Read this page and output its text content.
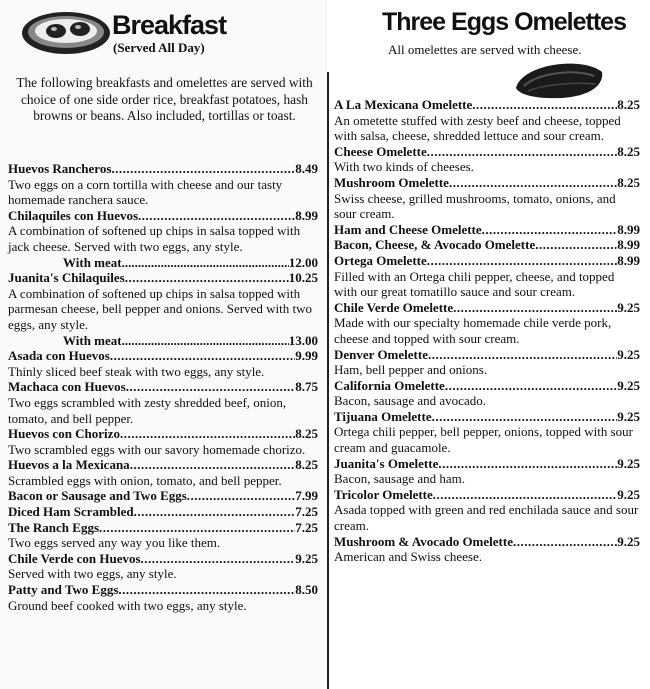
Breakfast
(Served All Day)
The following breakfasts and omelettes are served with choice of one side order rice, breakfast potatoes, hash browns or beans. Also included, tortillas or toast.
Huevos Rancheros .....	8.49
Two eggs on a corn tortilla with cheese and our tasty homemade ranchera sauce.
Chilaquiles con Huevos .....	8.99
A combination of softened up chips in salsa topped with jack cheese. Served with two eggs, any style.
With meat .....	12.00
Juanita's Chilaquiles .....	10.25
A combination of softened up chips in salsa topped with parmesan cheese, bell pepper and onions. Served with two eggs, any style.
With meat .....	13.00
Asada con Huevos .....	9.99
Thinly sliced beef steak with two eggs, any style.
Machaca con Huevos .....	8.75
Two eggs scrambled with zesty shredded beef, onion, tomato, and bell pepper.
Huevos con Chorizo .....	8.25
Two scrambled eggs with our savory homemade chorizo.
Huevos a la Mexicana .....	8.25
Scrambled eggs with onion, tomato, and bell pepper.
Bacon or Sausage and Two Eggs .....	7.99
Diced Ham Scrambled .....	7.25
The Ranch Eggs .....	7.25
Two eggs served any way you like them.
Chile Verde con Huevos .....	9.25
Served with two eggs, any style.
Patty and Two Eggs .....	8.50
Ground beef cooked with two eggs, any style.
Three Eggs Omelettes
All omelettes are served with cheese.
A La Mexicana Omelette .....	8.25
An ometette stuffed with zesty beef and cheese, topped with salsa, cheese, shredded lettuce and sour cream.
Cheese Omelette .....	8.25
With two kinds of cheeses.
Mushroom Omelette .....	8.25
Swiss cheese, grilled mushrooms, tomato, onions, and sour cream.
Ham and Cheese Omelette .....	8.99
Bacon, Cheese, & Avocado Omelette .....	8.99
Ortega Omelette .....	8.99
Filled with an Ortega chili pepper, cheese, and topped with our great tomatillo sauce and sour cream.
Chile Verde Omelette .....	9.25
Made with our specialty homemade chile verde pork, cheese and topped with sour cream.
Denver Omelette .....	9.25
Ham, bell pepper and onions.
California Omelette .....	9.25
Bacon, sausage and avocado.
Tijuana Omelette .....	9.25
Ortega chili pepper, bell pepper, onions, topped with sour cream and guacamole.
Juanita's Omelette .....	9.25
Bacon, sausage and ham.
Tricolor Omelette .....	9.25
Asada topped with green and red enchilada sauce and sour cream.
Mushroom & Avocado Omelette .....	9.25
American and Swiss cheese.
